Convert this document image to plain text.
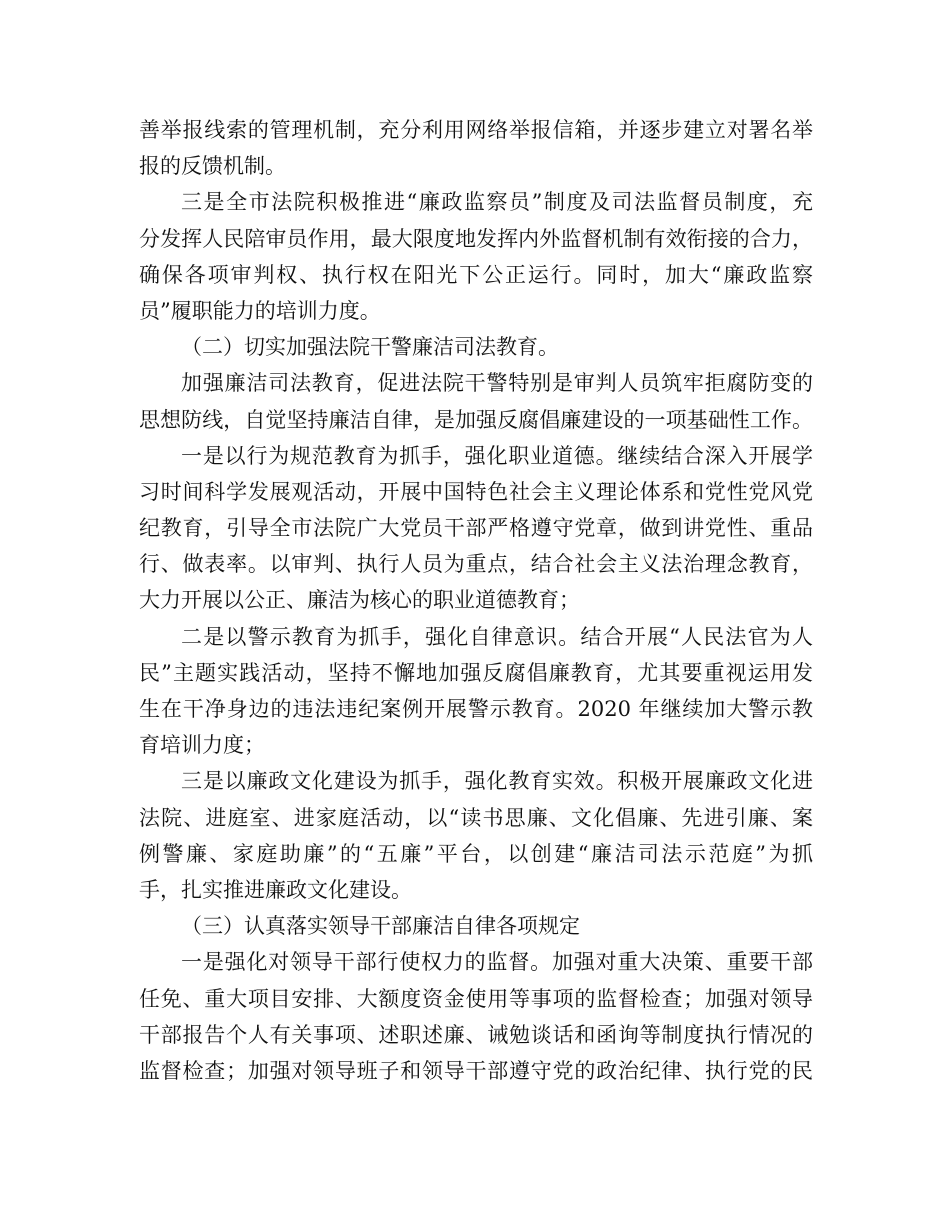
善举报线索的管理机制，充分利用网络举报信箱，并逐步建立对署名举
报的反馈机制。
三是全市法院积极推进“廉政监察员”制度及司法监督员制度，充
分发挥人民陪审员作用，最大限度地发挥内外监督机制有效衔接的合力，
确保各项审判权、执行权在阳光下公正运行。同时，加大“廉政监察
员”履职能力的培训力度。
（二）切实加强法院干警廉洁司法教育。
加强廉洁司法教育，促进法院干警特别是审判人员筑牢拒腐防变的
思想防线，自觉坚持廉洁自律，是加强反腐倡廉建设的一项基础性工作。
一是以行为规范教育为抓手，强化职业道德。继续结合深入开展学
习时间科学发展观活动，开展中国特色社会主义理论体系和党性党风党
纪教育，引导全市法院广大党员干部严格遵守党章，做到讲党性、重品
行、做表率。以审判、执行人员为重点，结合社会主义法治理念教育，
大力开展以公正、廉洁为核心的职业道德教育；
二是以警示教育为抓手，强化自律意识。结合开展“人民法官为人
民”主题实践活动，坚持不懈地加强反腐倡廉教育，尤其要重视运用发
生在干净身边的违法违纪案例开展警示教育。2020 年继续加大警示教
育培训力度；
三是以廉政文化建设为抓手，强化教育实效。积极开展廉政文化进
法院、进庭室、进家庭活动，以“读书思廉、文化倡廉、先进引廉、案
例警廉、家庭助廉”的“五廉”平台，以创建“廉洁司法示范庭”为抓
手，扎实推进廉政文化建设。
（三）认真落实领导干部廉洁自律各项规定
一是强化对领导干部行使权力的监督。加强对重大决策、重要干部
任免、重大项目安排、大额度资金使用等事项的监督检查；加强对领导
干部报告个人有关事项、述职述廉、诫勉谈话和函询等制度执行情况的
监督检查；加强对领导班子和领导干部遵守党的政治纪律、执行党的民
